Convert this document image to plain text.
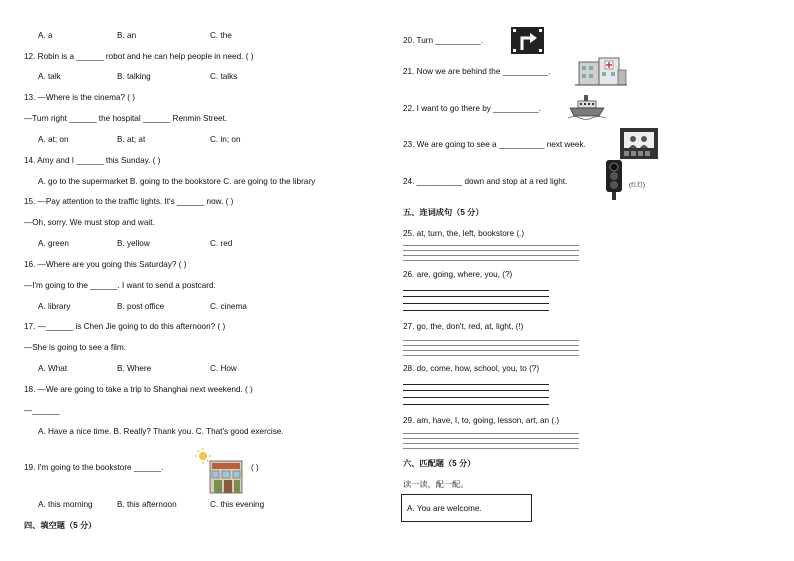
A. a	B. an	C. the
12. Robin is a ______ robot and he can help people in need. ( )
A. talk	B. talking	C. talks
13. —Where is the cinema? ( )
—Turn right ______ the hospital ______ Renmin Street.
A. at; on	B. at; at	C. in; on
14. Amy and I ______ this Sunday. ( )
A. go to the supermarket B. going to the bookstore C. are going to the library
15. —Pay attention to the traffic lights. It's ______ now. ( )
—Oh, sorry. We must stop and wait.
A. green	B. yellow	C. red
16. —Where are you going this Saturday? ( )
—I'm going to the ______. I want to send a postcard.
A. library	B. post office	C. cinema
17. —______ is Chen Jie going to do this afternoon? ( )
—She is going to see a film.
A. What	B. Where	C. How
18. —We are going to take a trip to Shanghai next weekend. ( )
—______
A. Have a nice time. B. Really? Thank you. C. That's good exercise.
19. I'm going to the bookstore ______.	( )
A. this morning	B. this afternoon	C. this evening
四、填空题（5 分）
20. Turn __________.
21. Now we are behind the __________.
22. I want to go there by __________.
23. We are going to see a __________ next week.
24. __________ down and stop at a red light.	(红灯)
五、连词成句（5 分）
25. at, turn, the, left, bookstore (.)
26. are, going, where, you, (?)
27. go, the, don't, red, at, light, (!)
28. do, come, how, school, you, to (?)
29. am, have, I, to, going, lesson, art, an (.)
六、匹配题（5 分）
读一读，配一配。
A. You are welcome.
